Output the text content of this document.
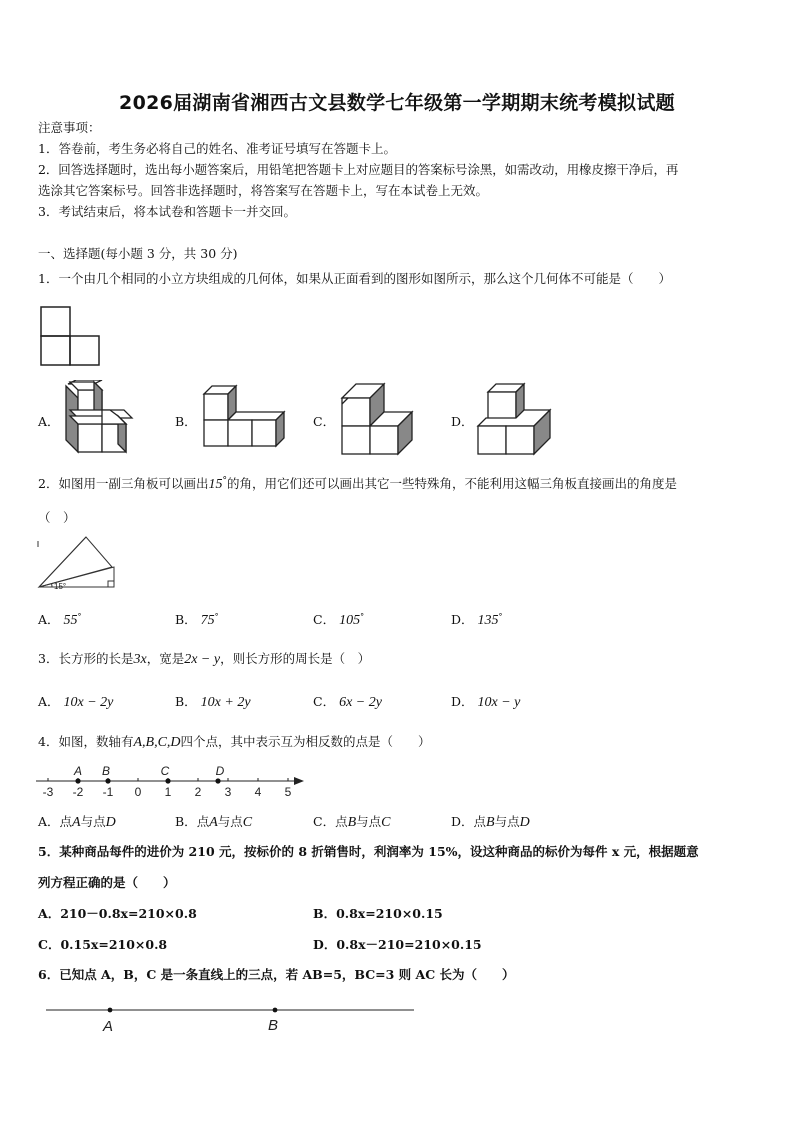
2026届湖南省湘西古文县数学七年级第一学期期末统考模拟试题
注意事项：
1．答卷前，考生务必将自己的姓名、准考证号填写在答题卡上。
2．回答选择题时，选出每小题答案后，用铅笔把答题卡上对应题目的答案标号涂黑，如需改动，用橡皮擦干净后，再
选涂其它答案标号。回答非选择题时，将答案写在答题卡上，写在本试卷上无效。
3．考试结束后，将本试卷和答题卡一并交回。
一、选择题(每小题 3 分，共 30 分)
1．一个由几个相同的小立方块组成的几何体，如果从正面看到的图形如图所示，那么这个几何体不可能是（　　）
A．	B．	C．	D．
2．如图用一副三角板可以画出15°的角，用它们还可以画出其它一些特殊角，不能利用这幅三角板直接画出的角度是
（　）
15°
A． 55°	B． 75°	C． 105°	D． 135°
3．长方形的长是3x，宽是2x − y，则长方形的周长是（　）
A． 10x − 2y	B． 10x + 2y	C． 6x − 2y	D． 10x − y
4．如图，数轴有A,B,C,D四个点，其中表示互为相反数的点是（　　）
-3 -2 -1 0 1 2 3 4 5
A B	C	D
A．点A与点D	B．点A与点C	C．点B与点C	D．点B与点D
5．某种商品每件的进价为 210 元，按标价的 8 折销售时，利润率为 15%，设这种商品的标价为每件 x 元，根据题意
列方程正确的是（　　）
A．210－0.8x=210×0.8	B．0.8x=210×0.15
C．0.15x=210×0.8	D．0.8x－210=210×0.15
6．已知点 A，B，C 是一条直线上的三点，若 AB=5，BC=3 则 AC 长为（　　）
A	B
